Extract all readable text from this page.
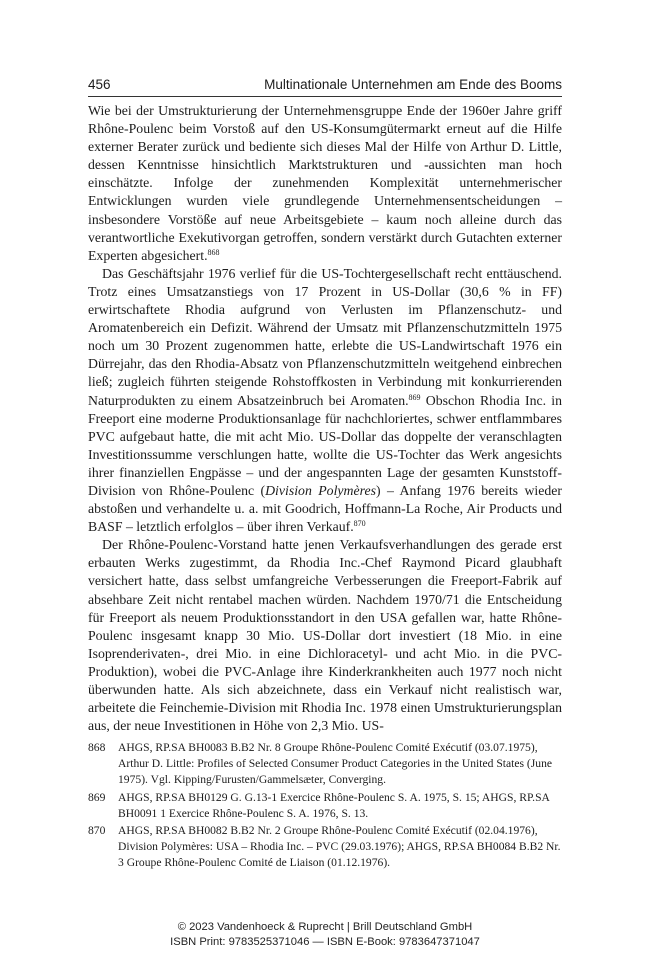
456	Multinationale Unternehmen am Ende des Booms

Wie bei der Umstrukturierung der Unternehmensgruppe Ende der 1960er Jahre griff Rhône-Poulenc beim Vorstoß auf den US-Konsumgütermarkt erneut auf die Hilfe externer Berater zurück und bediente sich dieses Mal der Hilfe von Arthur D. Little, dessen Kenntnisse hinsichtlich Marktstrukturen und -aussichten man hoch einschätzte. Infolge der zunehmenden Komplexität unternehmerischer Entwicklungen wurden viele grundlegende Unternehmensentscheidungen – insbesondere Vorstöße auf neue Arbeitsgebiete – kaum noch alleine durch das verantwortliche Exekutivorgan getroffen, sondern verstärkt durch Gutachten externer Experten abgesichert.$^{868}$

Das Geschäftsjahr 1976 verlief für die US-Tochtergesellschaft recht enttäuschend. Trotz eines Umsatzanstiegs von 17 Prozent in US-Dollar (30,6 % in FF) erwirtschaftete Rhodia aufgrund von Verlusten im Pflanzenschutz- und Aromatenbereich ein Defizit. Während der Umsatz mit Pflanzenschutzmitteln 1975 noch um 30 Prozent zugenommen hatte, erlebte die US-Landwirtschaft 1976 ein Dürrejahr, das den Rhodia-Absatz von Pflanzenschutzmitteln weitgehend einbrechen ließ; zugleich führten steigende Rohstoffkosten in Verbindung mit konkurrierenden Naturprodukten zu einem Absatzeinbruch bei Aromaten.$^{869}$ Obschon Rhodia Inc. in Freeport eine moderne Produktionsanlage für nachchloriertes, schwer entflammbares PVC aufgebaut hatte, die mit acht Mio. US-Dollar das doppelte der veranschlagten Investitionssumme verschlungen hatte, wollte die US-Tochter das Werk angesichts ihrer finanziellen Engpässe – und der angespannten Lage der gesamten Kunststoff-Division von Rhône-Poulenc (Division Polymères) – Anfang 1976 bereits wieder abstoßen und verhandelte u. a. mit Goodrich, Hoffmann-La Roche, Air Products und BASF – letztlich erfolglos – über ihren Verkauf.$^{870}$

Der Rhône-Poulenc-Vorstand hatte jenen Verkaufsverhandlungen des gerade erst erbauten Werks zugestimmt, da Rhodia Inc.-Chef Raymond Picard glaubhaft versichert hatte, dass selbst umfangreiche Verbesserungen die Freeport-Fabrik auf absehbare Zeit nicht rentabel machen würden. Nachdem 1970/71 die Entscheidung für Freeport als neuem Produktionsstandort in den USA gefallen war, hatte Rhône-Poulenc insgesamt knapp 30 Mio. US-Dollar dort investiert (18 Mio. in eine Isoprenderivaten-, drei Mio. in eine Dichloracetyl- und acht Mio. in die PVC-Produktion), wobei die PVC-Anlage ihre Kinderkrankheiten auch 1977 noch nicht überwunden hatte. Als sich abzeichnete, dass ein Verkauf nicht realistisch war, arbeitete die Feinchemie-Division mit Rhodia Inc. 1978 einen Umstrukturierungsplan aus, der neue Investitionen in Höhe von 2,3 Mio. US-

868	AHGS, RP.SA BH0083 B.B2 Nr. 8 Groupe Rhône-Poulenc Comité Exécutif (03.07.1975), Arthur D. Little: Profiles of Selected Consumer Product Categories in the United States (June 1975). Vgl. Kipping/Furusten/Gammelsæter, Converging.
869	AHGS, RP.SA BH0129 G. G.13-1 Exercice Rhône-Poulenc S. A. 1975, S. 15; AHGS, RP.SA BH0091 1 Exercice Rhône-Poulenc S. A. 1976, S. 13.
870	AHGS, RP.SA BH0082 B.B2 Nr. 2 Groupe Rhône-Poulenc Comité Exécutif (02.04.1976), Division Polymères: USA – Rhodia Inc. – PVC (29.03.1976); AHGS, RP.SA BH0084 B.B2 Nr. 3 Groupe Rhône-Poulenc Comité de Liaison (01.12.1976).
© 2023 Vandenhoeck & Ruprecht | Brill Deutschland GmbH
ISBN Print: 9783525371046 — ISBN E-Book: 9783647371047
